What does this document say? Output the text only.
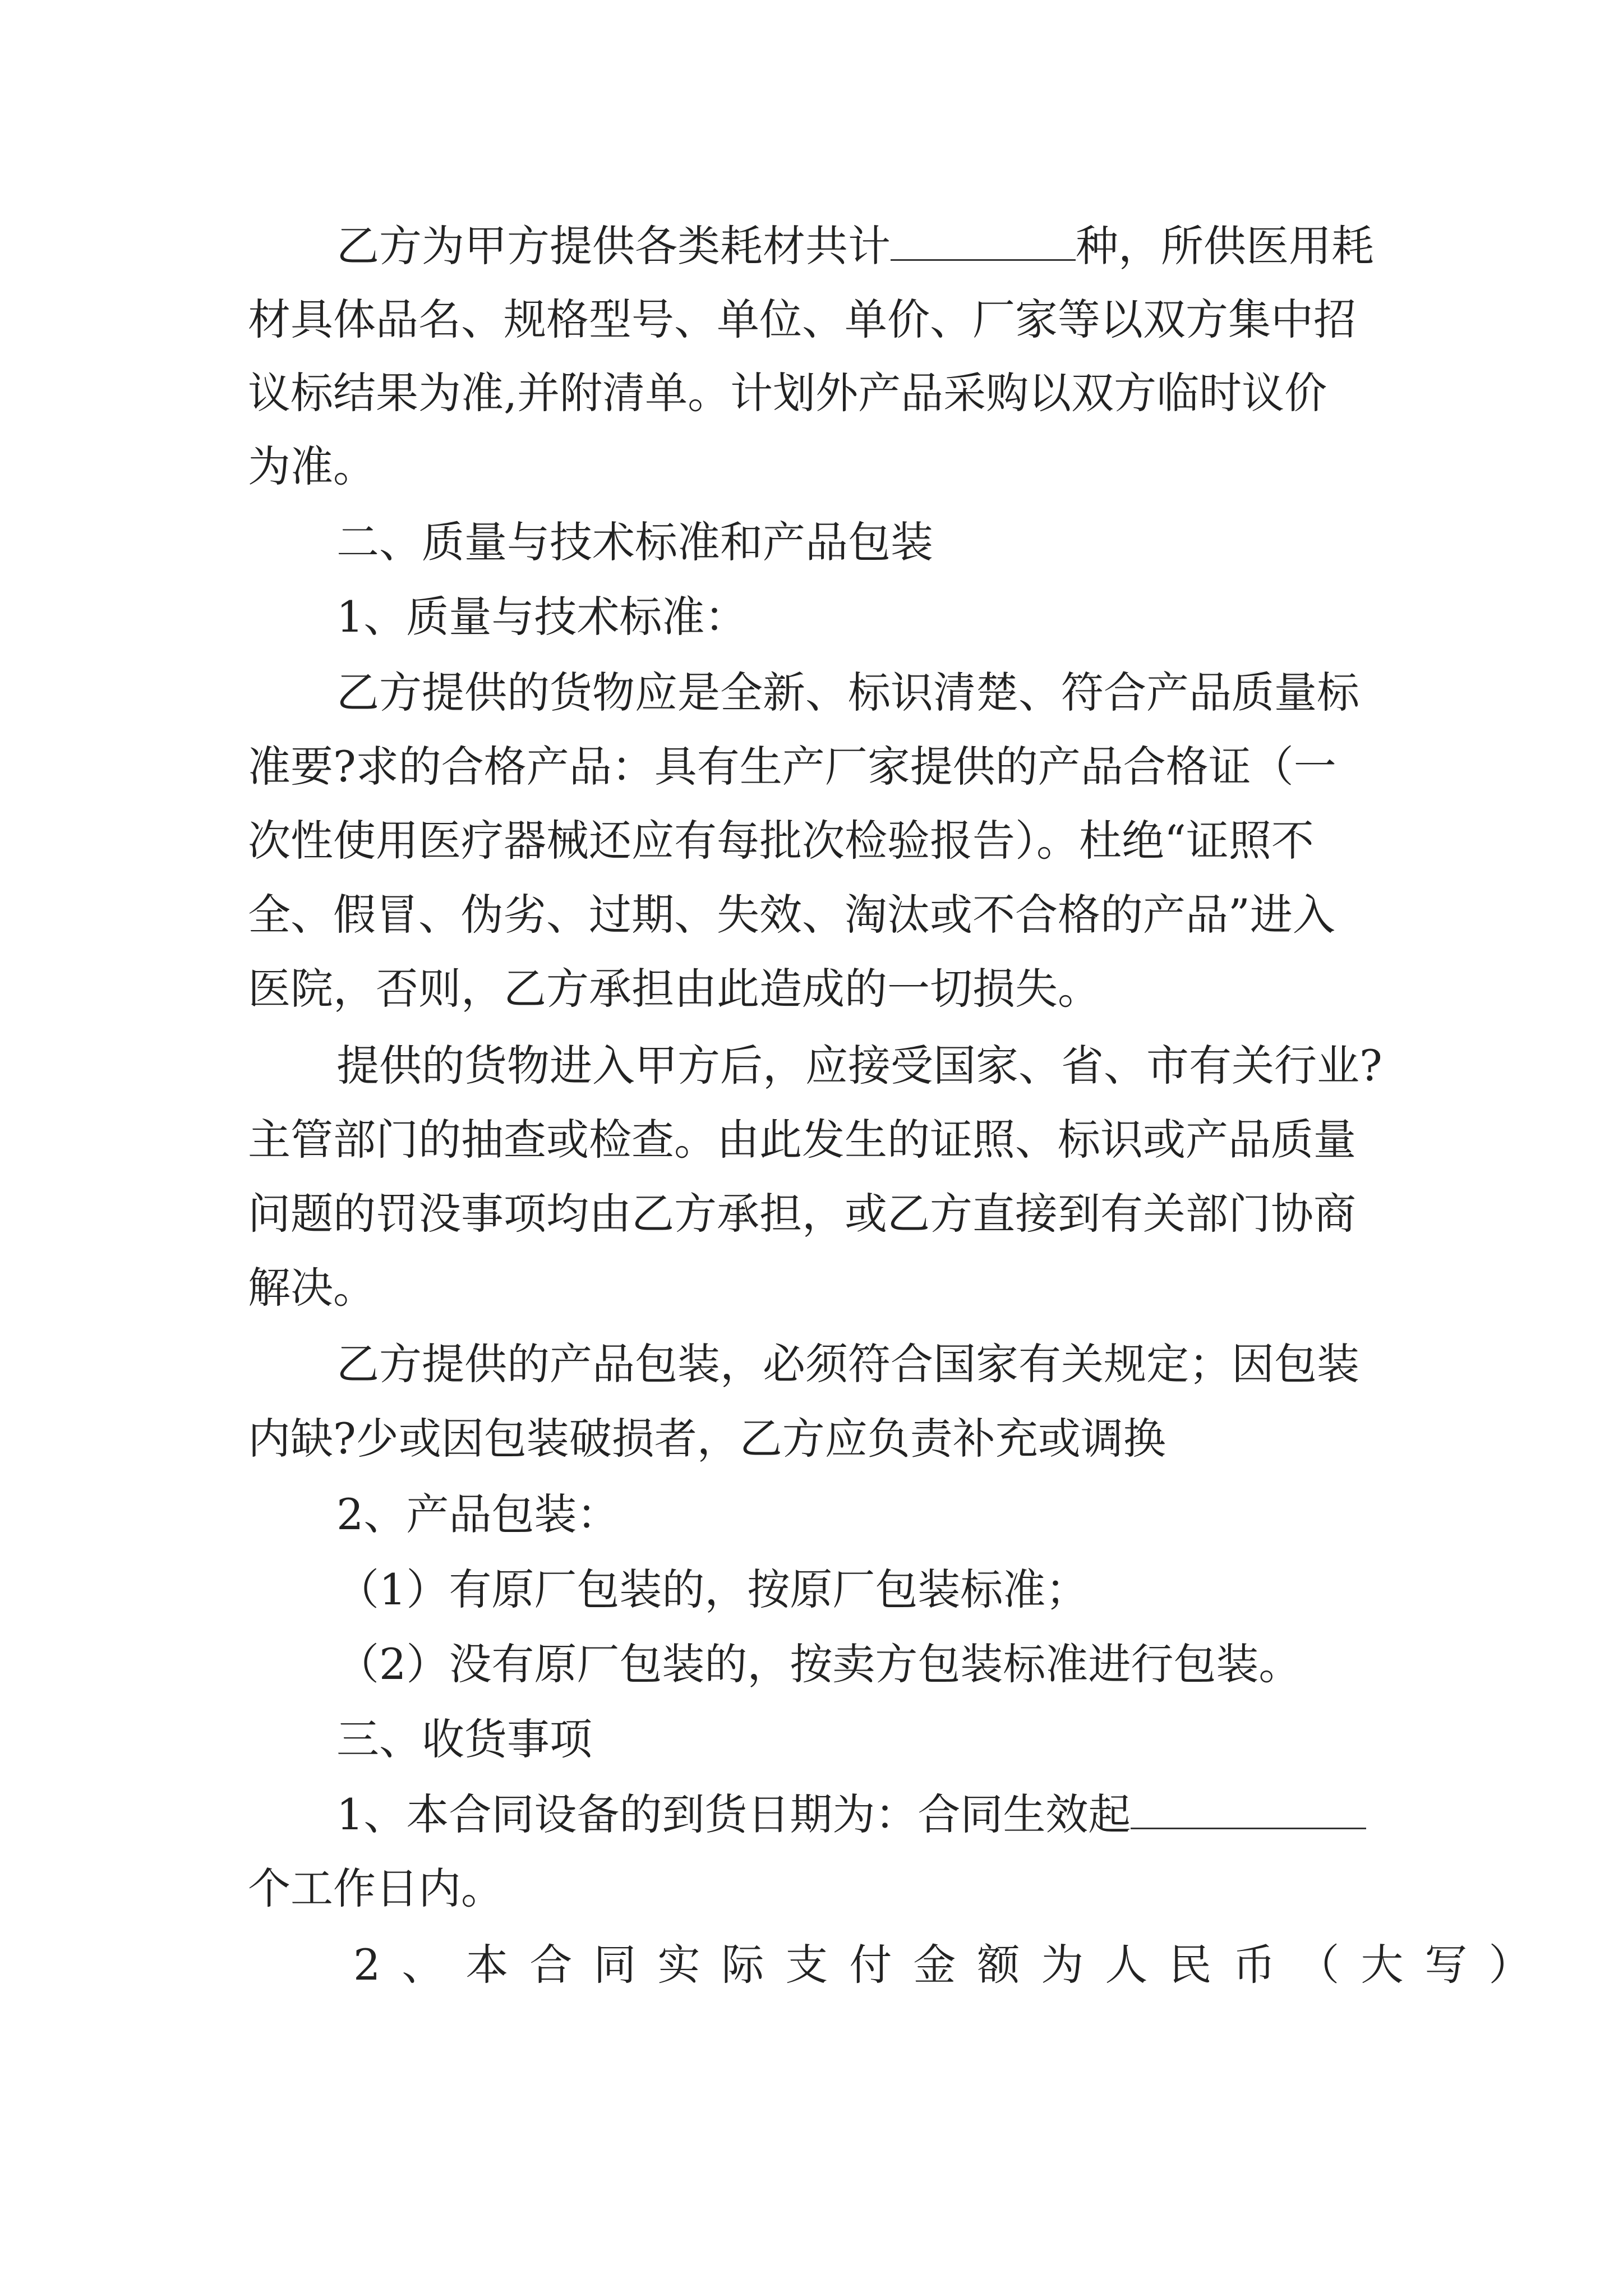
乙方为甲方提供各类耗材共计	种，所供医用耗

材具体品名、规格型号、单位、单价、厂家等以双方集中招

议标结果为准,并附清单。计划外产品采购以双方临时议价

为准。

二、质量与技术标准和产品包装

1、质量与技术标准：

乙方提供的货物应是全新、标识清楚、符合产品质量标

准要?求的合格产品：具有生产厂家提供的产品合格证（一

次性使用医疗器械还应有每批次检验报告）。杜绝“证照不

全、假冒、伪劣、过期、失效、淘汰或不合格的产品”进入

医院，否则，乙方承担由此造成的一切损失。

提供的货物进入甲方后，应接受国家、省、市有关行业?

主管部门的抽查或检查。由此发生的证照、标识或产品质量

问题的罚没事项均由乙方承担，或乙方直接到有关部门协商

解决。

乙方提供的产品包装，必须符合国家有关规定；因包装

内缺?少或因包装破损者，乙方应负责补充或调换

2、产品包装：

（1）有原厂包装的，按原厂包装标准；

（2）没有原厂包装的，按卖方包装标准进行包装。

三、收货事项

1、本合同设备的到货日期为：合同生效起

个工作日内。

2、本合同实际支付金额为人民币（大写）
